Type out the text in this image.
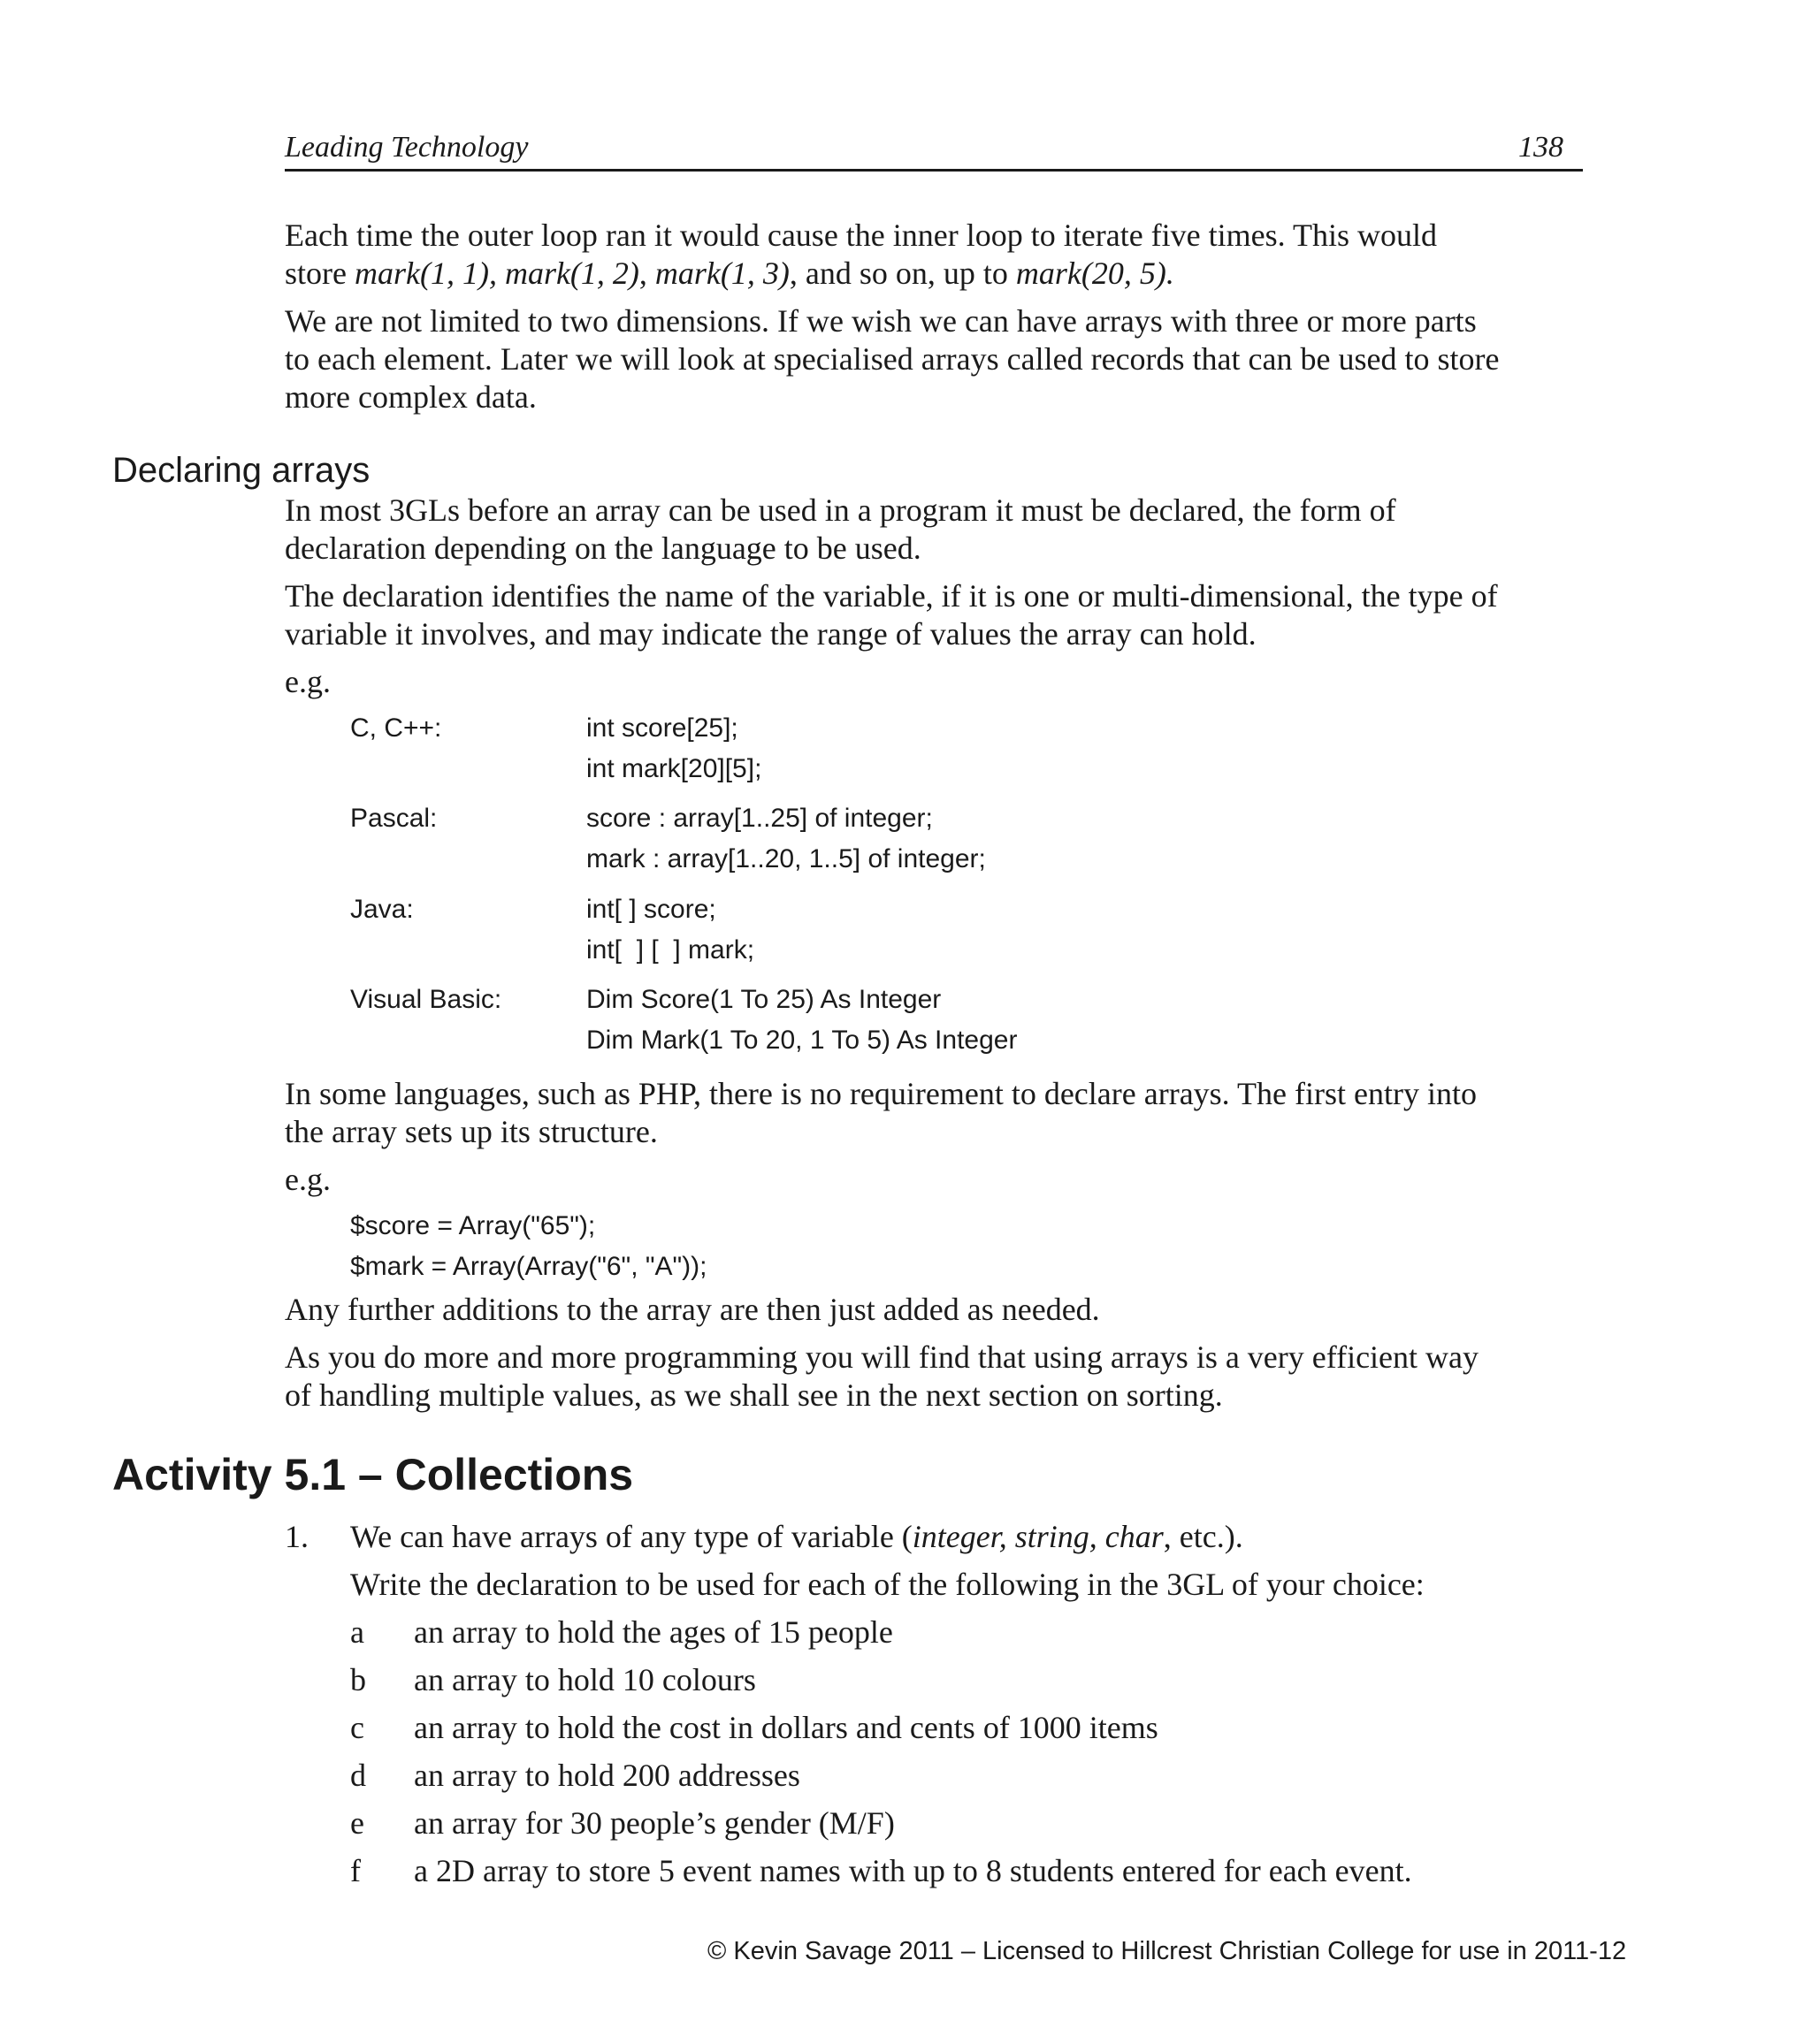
Leading Technology	138

Each time the outer loop ran it would cause the inner loop to iterate five times. This would
store mark(1, 1), mark(1, 2), mark(1, 3), and so on, up to mark(20, 5).

We are not limited to two dimensions. If we wish we can have arrays with three or more parts
to each element. Later we will look at specialised arrays called records that can be used to store
more complex data.

Declaring arrays

In most 3GLs before an array can be used in a program it must be declared, the form of
declaration depending on the language to be used.

The declaration identifies the name of the variable, if it is one or multi-dimensional, the type of
variable it involves, and may indicate the range of values the array can hold.

e.g.

C, C++:	int score[25];
int mark[20][5];
Pascal:	score : array[1..25] of integer;
mark : array[1..20, 1..5] of integer;
Java:	int[ ] score;
int[  ] [  ] mark;
Visual Basic:	Dim Score(1 To 25) As Integer
Dim Mark(1 To 20, 1 To 5) As Integer

In some languages, such as PHP, there is no requirement to declare arrays. The first entry into
the array sets up its structure.

e.g.

$score = Array("65");
$mark = Array(Array("6", "A"));

Any further additions to the array are then just added as needed.

As you do more and more programming you will find that using arrays is a very efficient way
of handling multiple values, as we shall see in the next section on sorting.

Activity 5.1 – Collections
1. We can have arrays of any type of variable (integer, string, char, etc.).
Write the declaration to be used for each of the following in the 3GL of your choice:
a an array to hold the ages of 15 people
b an array to hold 10 colours
c an array to hold the cost in dollars and cents of 1000 items
d an array to hold 200 addresses
e an array for 30 people’s gender (M/F)
f a 2D array to store 5 event names with up to 8 students entered for each event.
© Kevin Savage 2011 – Licensed to Hillcrest Christian College for use in 2011-12
